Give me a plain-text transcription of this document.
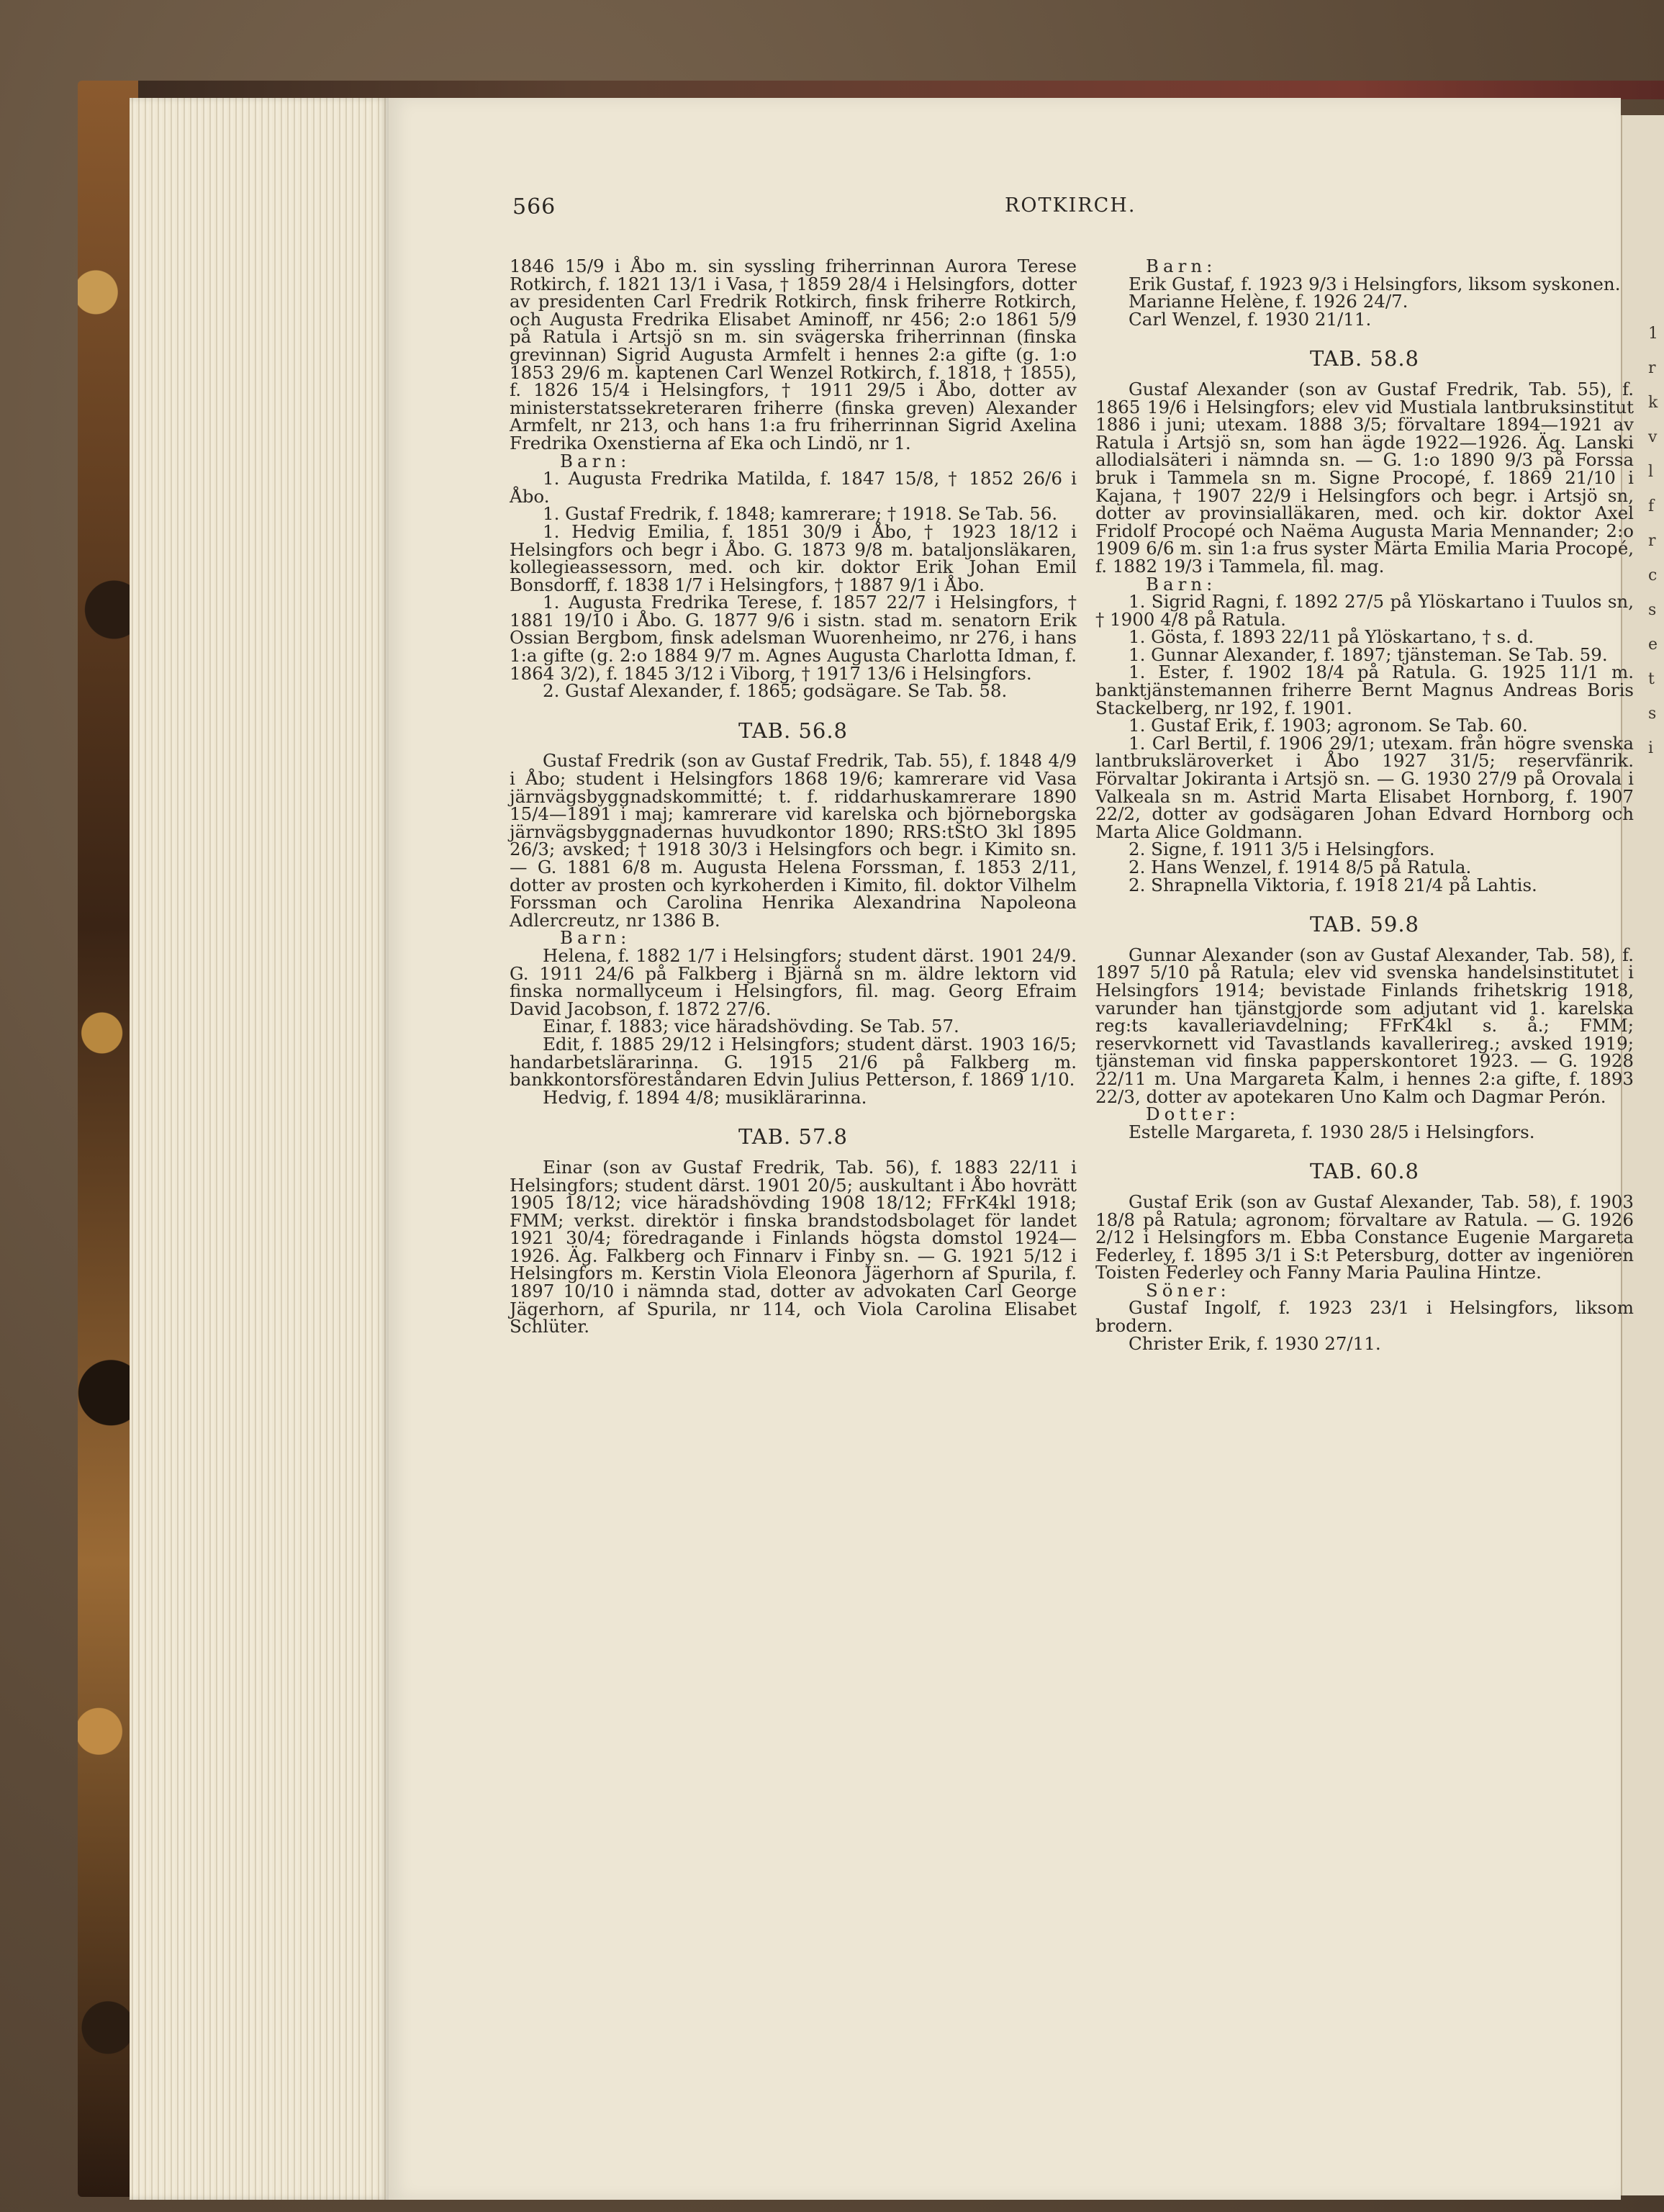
566	ROTKIRCH.

1846 15/9 i Åbo m. sin syssling friherrinnan Aurora Terese Rotkirch, f. 1821 13/1 i Vasa, † 1859 28/4 i Helsingfors, dotter av presidenten Carl Fredrik Rotkirch, finsk friherre Rotkirch, och Augusta Fredrika Elisabet Aminoff, nr 456; 2:o 1861 5/9 på Ratula i Artsjö sn m. sin svägerska friherrinnan (finska grevinnan) Sigrid Augusta Armfelt i hennes 2:a gifte (g. 1:o 1853 29/6 m. kaptenen Carl Wenzel Rotkirch, f. 1818, † 1855), f. 1826 15/4 i Helsingfors, † 1911 29/5 i Åbo, dotter av ministerstatssekreteraren friherre (finska greven) Alexander Armfelt, nr 213, och hans 1:a fru friherrinnan Sigrid Axelina Fredrika Oxenstierna af Eka och Lindö, nr 1.

Barn:

1. Augusta Fredrika Matilda, f. 1847 15/8, † 1852 26/6 i Åbo.

1. Gustaf Fredrik, f. 1848; kamrerare; † 1918. Se Tab. 56.

1. Hedvig Emilia, f. 1851 30/9 i Åbo, † 1923 18/12 i Helsingfors och begr i Åbo. G. 1873 9/8 m. bataljonsläkaren, kollegieassessorn, med. och kir. doktor Erik Johan Emil Bonsdorff, f. 1838 1/7 i Helsingfors, † 1887 9/1 i Åbo.

1. Augusta Fredrika Terese, f. 1857 22/7 i Helsingfors, † 1881 19/10 i Åbo. G. 1877 9/6 i sistn. stad m. senatorn Erik Ossian Bergbom, finsk adelsman Wuorenheimo, nr 276, i hans 1:a gifte (g. 2:o 1884 9/7 m. Agnes Augusta Charlotta Idman, f. 1864 3/2), f. 1845 3/12 i Viborg, † 1917 13/6 i Helsingfors.

2. Gustaf Alexander, f. 1865; godsägare. Se Tab. 58.

TAB. 56.8

Gustaf Fredrik (son av Gustaf Fredrik, Tab. 55), f. 1848 4/9 i Åbo; student i Helsingfors 1868 19/6; kamrerare vid Vasa järnvägsbyggnadskommitté; t. f. riddarhuskamrerare 1890 15/4—1891 i maj; kamrerare vid karelska och björneborgska järnvägsbyggnadernas huvudkontor 1890; RRS:tStO 3kl 1895 26/3; avsked; † 1918 30/3 i Helsingfors och begr. i Kimito sn. — G. 1881 6/8 m. Augusta Helena Forssman, f. 1853 2/11, dotter av prosten och kyrkoherden i Kimito, fil. doktor Vilhelm Forssman och Carolina Henrika Alexandrina Napoleona Adlercreutz, nr 1386 B.

Barn:

Helena, f. 1882 1/7 i Helsingfors; student därst. 1901 24/9. G. 1911 24/6 på Falkberg i Bjärnå sn m. äldre lektorn vid finska normallyceum i Helsingfors, fil. mag. Georg Efraim David Jacobson, f. 1872 27/6.

Einar, f. 1883; vice häradshövding. Se Tab. 57.

Edit, f. 1885 29/12 i Helsingfors; student därst. 1903 16/5; handarbetslärarinna. G. 1915 21/6 på Falkberg m. bankkontorsföreståndaren Edvin Julius Petterson, f. 1869 1/10.

Hedvig, f. 1894 4/8; musiklärarinna.

TAB. 57.8

Einar (son av Gustaf Fredrik, Tab. 56), f. 1883 22/11 i Helsingfors; student därst. 1901 20/5; auskultant i Åbo hovrätt 1905 18/12; vice häradshövding 1908 18/12; FFrK4kl 1918; FMM; verkst. direktör i finska brandstodsbolaget för landet 1921 30/4; föredragande i Finlands högsta domstol 1924—1926. Äg. Falkberg och Finnarv i Finby sn. — G. 1921 5/12 i Helsingfors m. Kerstin Viola Eleonora Jägerhorn af Spurila, f. 1897 10/10 i nämnda stad, dotter av advokaten Carl George Jägerhorn, af Spurila, nr 114, och Viola Carolina Elisabet Schlüter.

Barn:

Erik Gustaf, f. 1923 9/3 i Helsingfors, liksom syskonen.

Marianne Helène, f. 1926 24/7.

Carl Wenzel, f. 1930 21/11.

TAB. 58.8

Gustaf Alexander (son av Gustaf Fredrik, Tab. 55), f. 1865 19/6 i Helsingfors; elev vid Mustiala lantbruksinstitut 1886 i juni; utexam. 1888 3/5; förvaltare 1894—1921 av Ratula i Artsjö sn, som han ägde 1922—1926. Äg. Lanski allodialsäteri i nämnda sn. — G. 1:o 1890 9/3 på Forssa bruk i Tammela sn m. Signe Procopé, f. 1869 21/10 i Kajana, † 1907 22/9 i Helsingfors och begr. i Artsjö sn, dotter av provinsialläkaren, med. och kir. doktor Axel Fridolf Procopé och Naëma Augusta Maria Mennander; 2:o 1909 6/6 m. sin 1:a frus syster Märta Emilia Maria Procopé, f. 1882 19/3 i Tammela, fil. mag.

Barn:

1. Sigrid Ragni, f. 1892 27/5 på Ylöskartano i Tuulos sn, † 1900 4/8 på Ratula.

1. Gösta, f. 1893 22/11 på Ylöskartano, † s. d.

1. Gunnar Alexander, f. 1897; tjänsteman. Se Tab. 59.

1. Ester, f. 1902 18/4 på Ratula. G. 1925 11/1 m. banktjänstemannen friherre Bernt Magnus Andreas Boris Stackelberg, nr 192, f. 1901.

1. Gustaf Erik, f. 1903; agronom. Se Tab. 60.

1. Carl Bertil, f. 1906 29/1; utexam. från högre svenska lantbruksläroverket i Åbo 1927 31/5; reservfänrik. Förvaltar Jokiranta i Artsjö sn. — G. 1930 27/9 på Orovala i Valkeala sn m. Astrid Marta Elisabet Hornborg, f. 1907 22/2, dotter av godsägaren Johan Edvard Hornborg och Marta Alice Goldmann.

2. Signe, f. 1911 3/5 i Helsingfors.

2. Hans Wenzel, f. 1914 8/5 på Ratula.

2. Shrapnella Viktoria, f. 1918 21/4 på Lahtis.

TAB. 59.8

Gunnar Alexander (son av Gustaf Alexander, Tab. 58), f. 1897 5/10 på Ratula; elev vid svenska handelsinstitutet i Helsingfors 1914; bevistade Finlands frihetskrig 1918, varunder han tjänstgjorde som adjutant vid 1. karelska reg:ts kavalleriavdelning; FFrK4kl s. å.; FMM; reservkornett vid Tavastlands kavallerireg.; avsked 1919; tjänsteman vid finska papperskontoret 1923. — G. 1928 22/11 m. Una Margareta Kalm, i hennes 2:a gifte, f. 1893 22/3, dotter av apotekaren Uno Kalm och Dagmar Perón.

Dotter:

Estelle Margareta, f. 1930 28/5 i Helsingfors.

TAB. 60.8

Gustaf Erik (son av Gustaf Alexander, Tab. 58), f. 1903 18/8 på Ratula; agronom; förvaltare av Ratula. — G. 1926 2/12 i Helsingfors m. Ebba Constance Eugenie Margareta Federley, f. 1895 3/1 i S:t Petersburg, dotter av ingeniören Toisten Federley och Fanny Maria Paulina Hintze.

Söner:

Gustaf Ingolf, f. 1923 23/1 i Helsingfors, liksom brodern.

Christer Erik, f. 1930 27/11.

1
r
k
v
l
f
r
c
s
e
t
s
i
